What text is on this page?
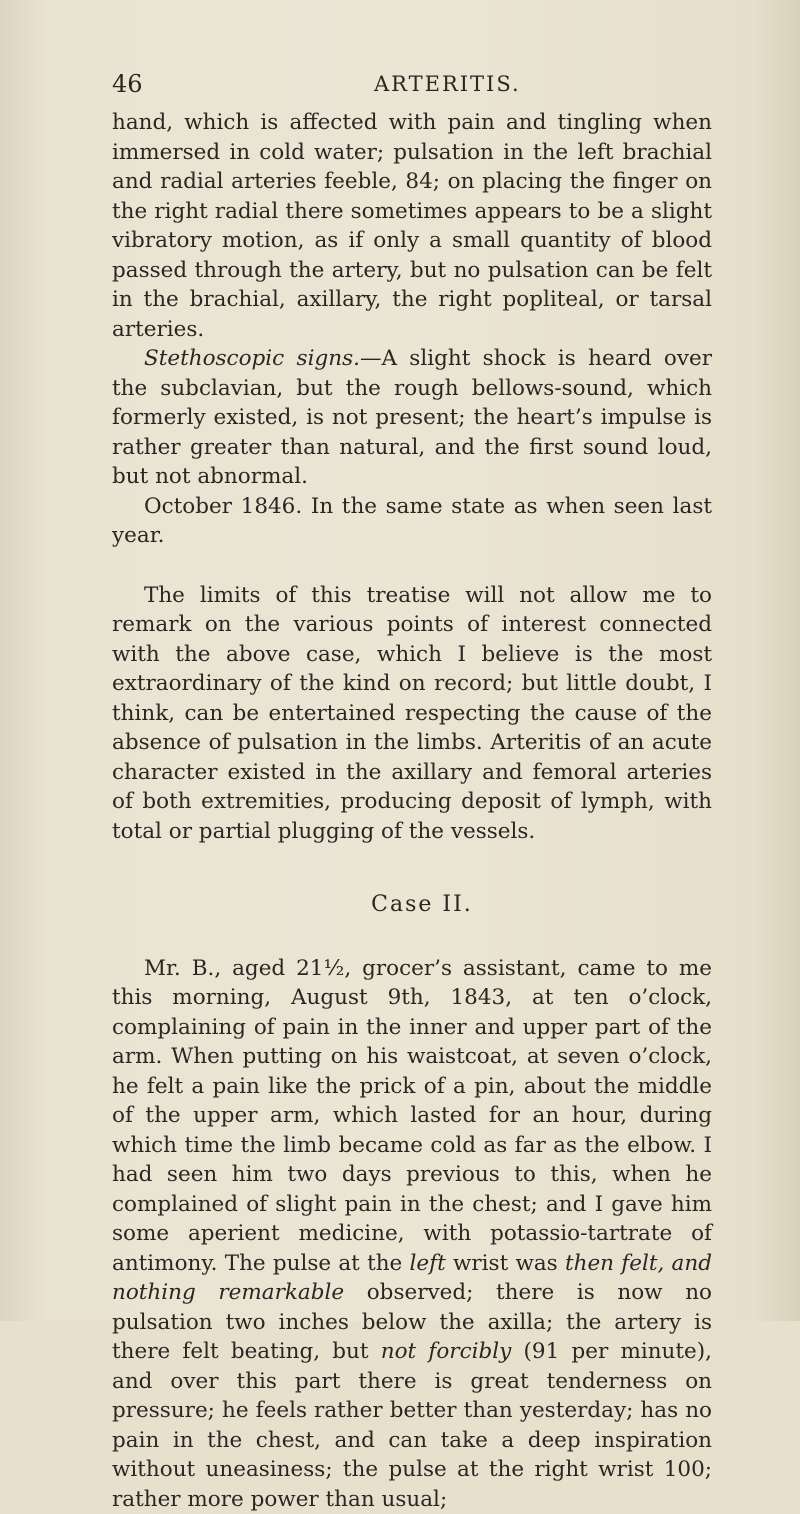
46	ARTERITIS.

hand, which is affected with pain and tingling when immersed in cold water; pulsation in the left brachial and radial arteries feeble, 84; on placing the finger on the right radial there sometimes appears to be a slight vibratory motion, as if only a small quantity of blood passed through the artery, but no pulsation can be felt in the brachial, axillary, the right popliteal, or tarsal arteries.

Stethoscopic signs.—A slight shock is heard over the subclavian, but the rough bellows-sound, which formerly existed, is not present; the heart’s impulse is rather greater than natural, and the first sound loud, but not abnormal.

October 1846. In the same state as when seen last year.

The limits of this treatise will not allow me to remark on the various points of interest connected with the above case, which I believe is the most extraordinary of the kind on record; but little doubt, I think, can be entertained respecting the cause of the absence of pulsation in the limbs. Arteritis of an acute character existed in the axillary and femoral arteries of both extremities, producing deposit of lymph, with total or partial plugging of the vessels.

Case II.

Mr. B., aged 21½, grocer’s assistant, came to me this morning, August 9th, 1843, at ten o’clock, complaining of pain in the inner and upper part of the arm. When putting on his waistcoat, at seven o’clock, he felt a pain like the prick of a pin, about the middle of the upper arm, which lasted for an hour, during which time the limb became cold as far as the elbow. I had seen him two days previous to this, when he complained of slight pain in the chest; and I gave him some aperient medicine, with potassio-tartrate of antimony. The pulse at the left wrist was then felt, and nothing remarkable observed; there is now no pulsation two inches below the axilla; the artery is there felt beating, but not forcibly (91 per minute), and over this part there is great tenderness on pressure; he feels rather better than yesterday; has no pain in the chest, and can take a deep inspiration without uneasiness; the pulse at the right wrist 100; rather more power than usual;
